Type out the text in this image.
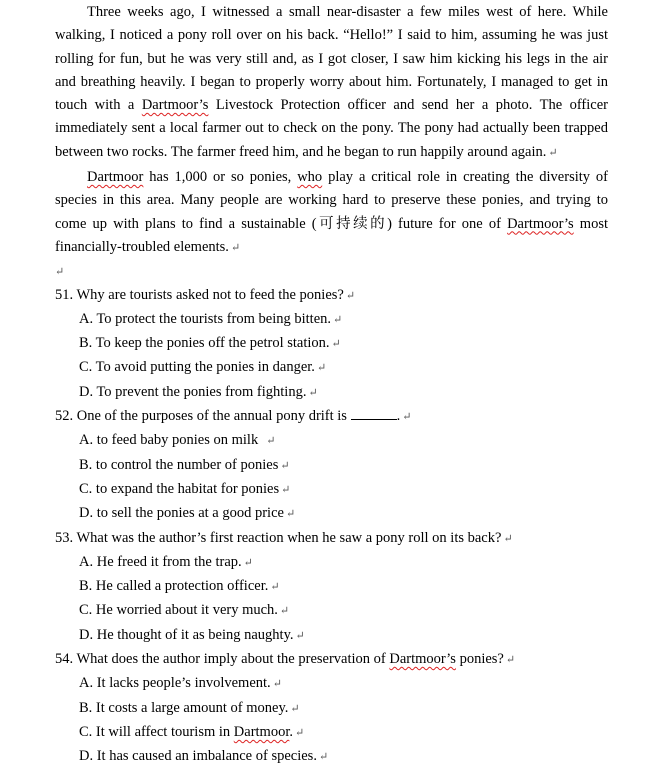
Three weeks ago, I witnessed a small near-disaster a few miles west of here. While walking, I noticed a pony roll over on his back. “Hello!” I said to him, assuming he was just rolling for fun, but he was very still and, as I got closer, I saw him kicking his legs in the air and breathing heavily. I began to properly worry about him. Fortunately, I managed to get in touch with a Dartmoor’s Livestock Protection officer and send her a photo. The officer immediately sent a local farmer out to check on the pony. The pony had actually been trapped between two rocks. The farmer freed him, and he began to run happily around again. ↵

Dartmoor has 1,000 or so ponies, who play a critical role in creating the diversity of species in this area. Many people are working hard to preserve these ponies, and trying to come up with plans to find a sustainable (可持续的) future for one of Dartmoor’s most financially-troubled elements. ↵

↵

51. Why are tourists asked not to feed the ponies? ↵

A. To protect the tourists from being bitten. ↵

B. To keep the ponies off the petrol station. ↵

C. To avoid putting the ponies in danger. ↵

D. To prevent the ponies from fighting. ↵

52. One of the purposes of the annual pony drift is	. ↵

A. to feed baby ponies on milk ↵

B. to control the number of ponies ↵

C. to expand the habitat for ponies ↵

D. to sell the ponies at a good price ↵

53. What was the author’s first reaction when he saw a pony roll on its back? ↵

A. He freed it from the trap. ↵

B. He called a protection officer. ↵

C. He worried about it very much. ↵

D. He thought of it as being naughty. ↵

54. What does the author imply about the preservation of Dartmoor’s ponies? ↵

A. It lacks people’s involvement. ↵

B. It costs a large amount of money. ↵

C. It will affect tourism in Dartmoor. ↵

D. It has caused an imbalance of species. ↵
